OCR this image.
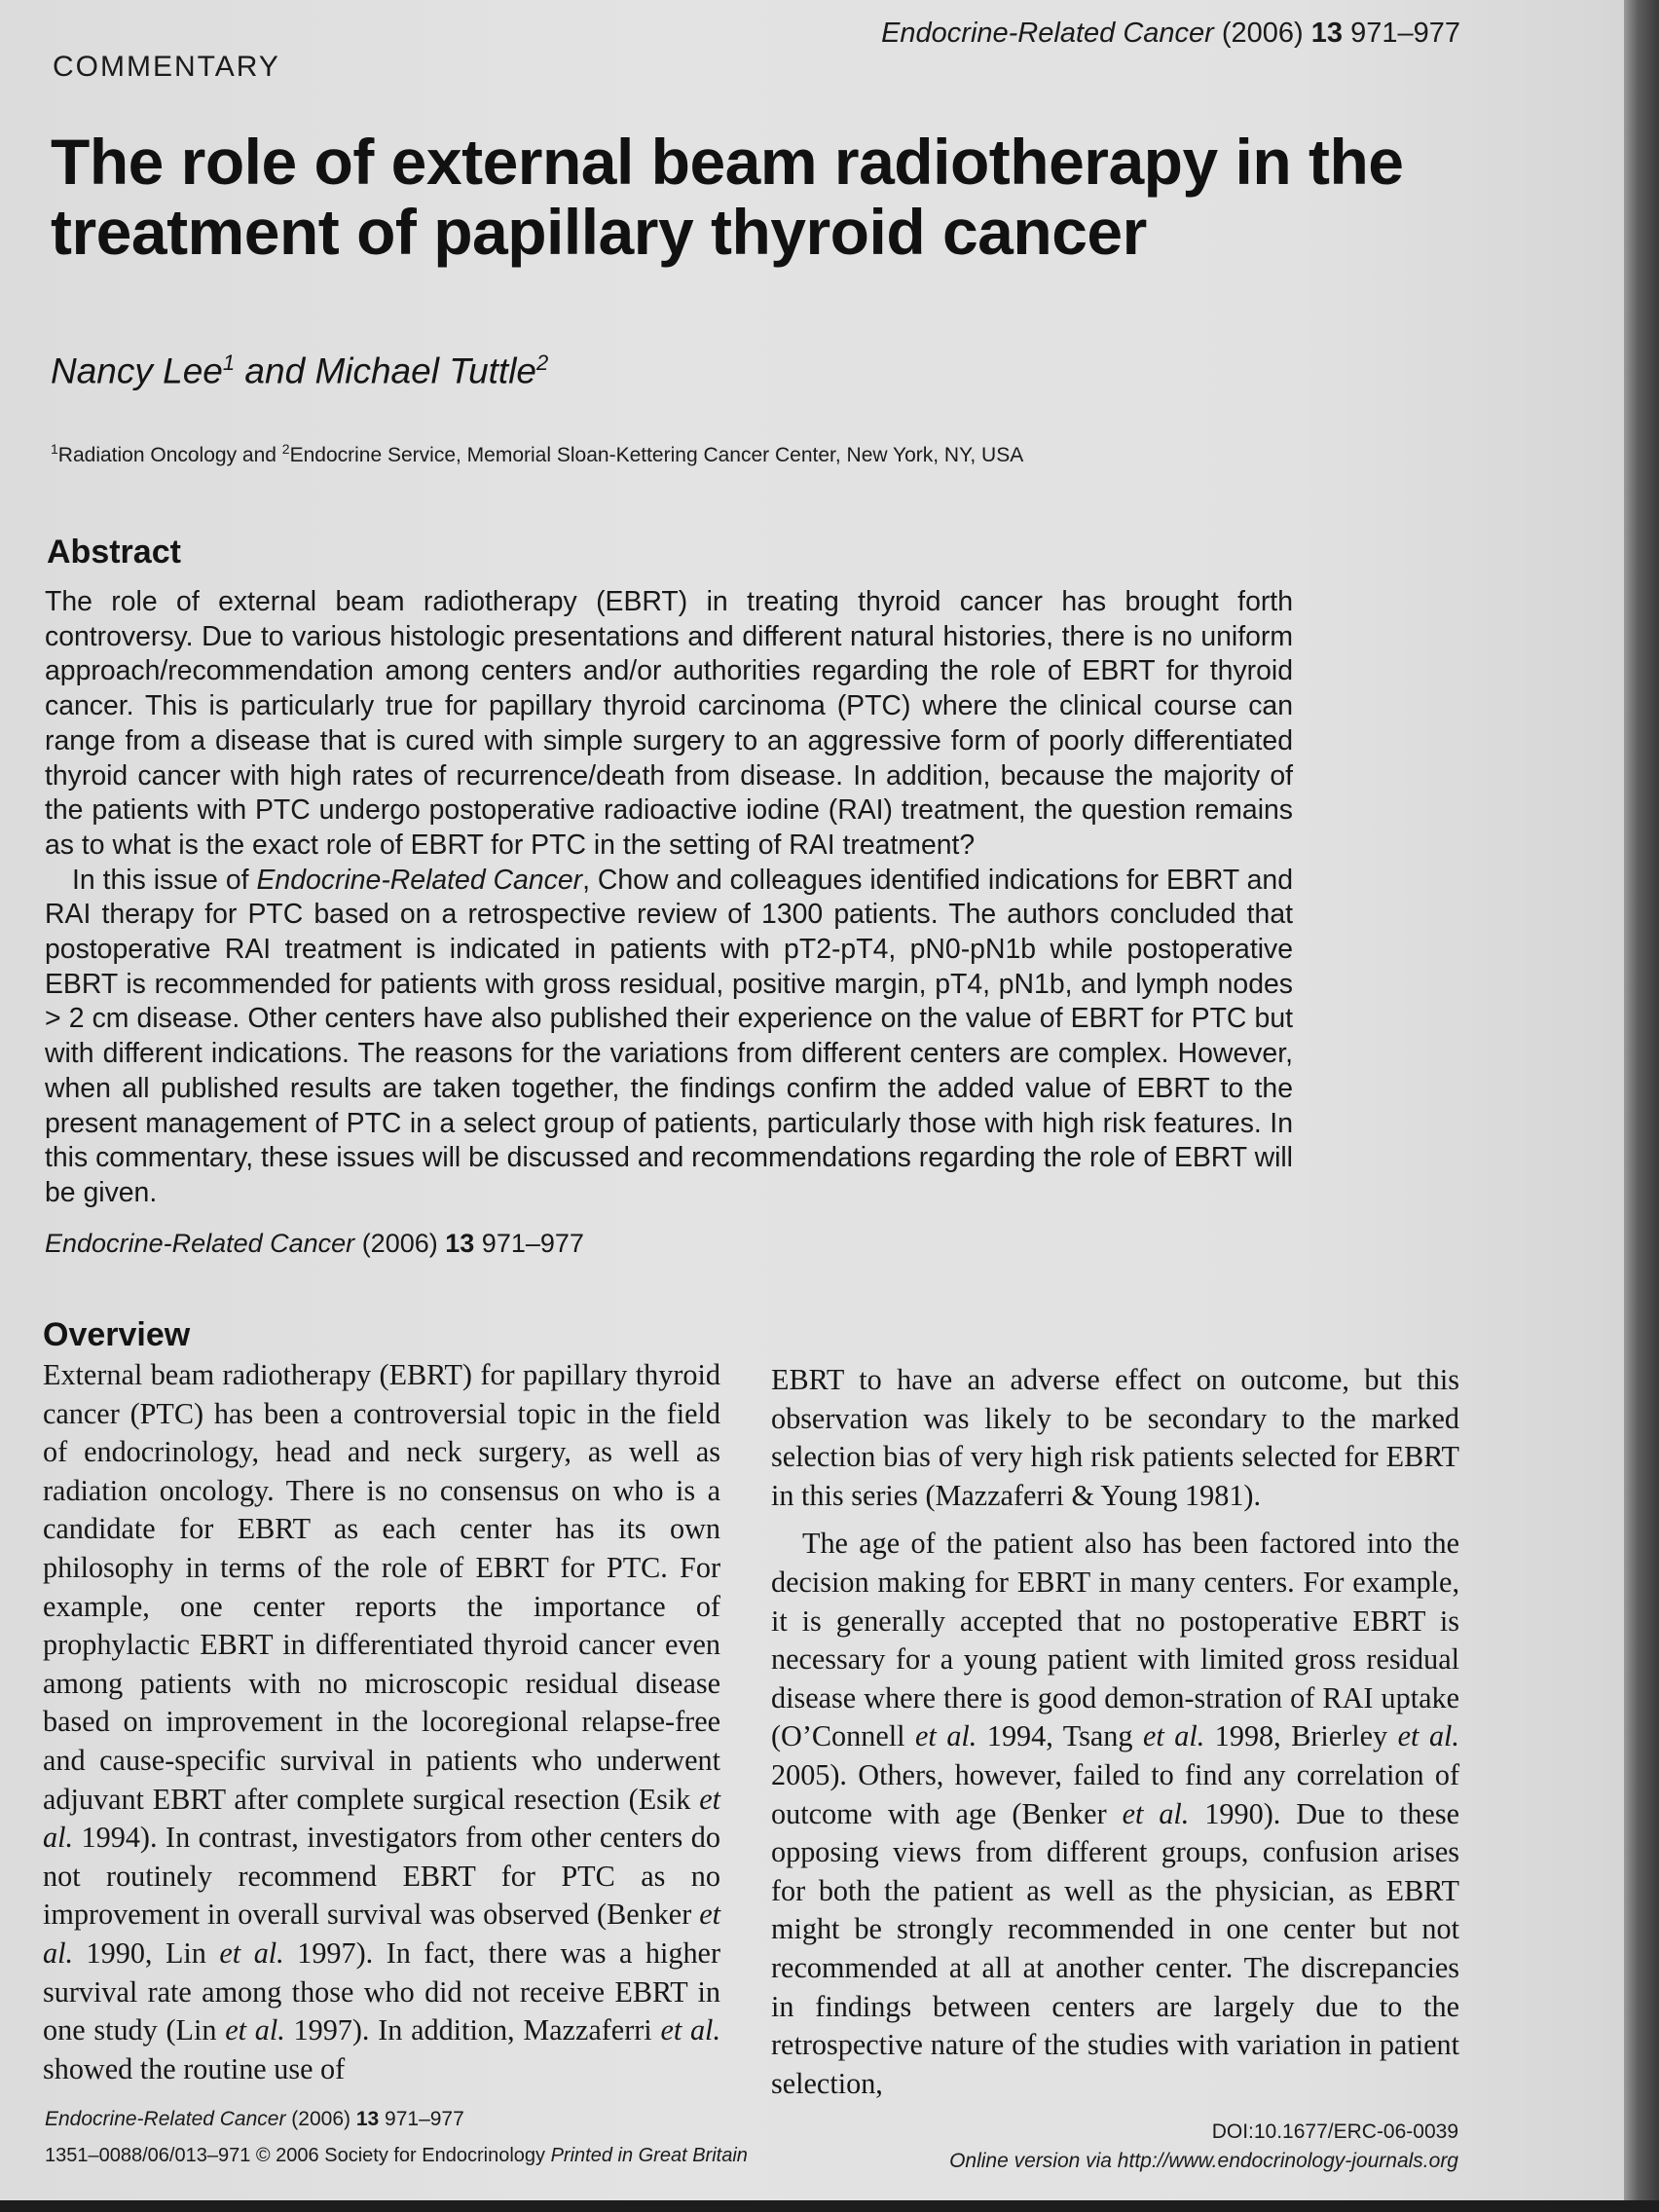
Endocrine-Related Cancer (2006) 13 971–977
COMMENTARY
The role of external beam radiotherapy in the treatment of papillary thyroid cancer
Nancy Lee$^1$ and Michael Tuttle$^2$
$^1$Radiation Oncology and $^2$Endocrine Service, Memorial Sloan-Kettering Cancer Center, New York, NY, USA
Abstract

The role of external beam radiotherapy (EBRT) in treating thyroid cancer has brought forth controversy. Due to various histologic presentations and different natural histories, there is no uniform approach/recommendation among centers and/or authorities regarding the role of EBRT for thyroid cancer. This is particularly true for papillary thyroid carcinoma (PTC) where the clinical course can range from a disease that is cured with simple surgery to an aggressive form of poorly differentiated thyroid cancer with high rates of recurrence/death from disease. In addition, because the majority of the patients with PTC undergo postoperative radioactive iodine (RAI) treatment, the question remains as to what is the exact role of EBRT for PTC in the setting of RAI treatment?

In this issue of Endocrine-Related Cancer, Chow and colleagues identified indications for EBRT and RAI therapy for PTC based on a retrospective review of 1300 patients. The authors concluded that postoperative RAI treatment is indicated in patients with pT2-pT4, pN0-pN1b while postoperative EBRT is recommended for patients with gross residual, positive margin, pT4, pN1b, and lymph nodes > 2 cm disease. Other centers have also published their experience on the value of EBRT for PTC but with different indications. The reasons for the variations from different centers are complex. However, when all published results are taken together, the findings confirm the added value of EBRT to the present management of PTC in a select group of patients, particularly those with high risk features. In this commentary, these issues will be discussed and recommendations regarding the role of EBRT will be given.

Endocrine-Related Cancer (2006) 13 971–977
Overview

External beam radiotherapy (EBRT) for papillary thyroid cancer (PTC) has been a controversial topic in the field of endocrinology, head and neck surgery, as well as radiation oncology. There is no consensus on who is a candidate for EBRT as each center has its own philosophy in terms of the role of EBRT for PTC. For example, one center reports the importance of prophylactic EBRT in differentiated thyroid cancer even among patients with no microscopic residual disease based on improvement in the locoregional relapse-free and cause-specific survival in patients who underwent adjuvant EBRT after complete surgical resection (Esik et al. 1994). In contrast, investigators from other centers do not routinely recommend EBRT for PTC as no improvement in overall survival was observed (Benker et al. 1990, Lin et al. 1997). In fact, there was a higher survival rate among those who did not receive EBRT in one study (Lin et al. 1997). In addition, Mazzaferri et al. showed the routine use of

EBRT to have an adverse effect on outcome, but this observation was likely to be secondary to the marked selection bias of very high risk patients selected for EBRT in this series (Mazzaferri & Young 1981).

The age of the patient also has been factored into the decision making for EBRT in many centers. For example, it is generally accepted that no postoperative EBRT is necessary for a young patient with limited gross residual disease where there is good demon-stration of RAI uptake (O’Connell et al. 1994, Tsang et al. 1998, Brierley et al. 2005). Others, however, failed to find any correlation of outcome with age (Benker et al. 1990). Due to these opposing views from different groups, confusion arises for both the patient as well as the physician, as EBRT might be strongly recommended in one center but not recommended at all at another center. The discrepancies in findings between centers are largely due to the retrospective nature of the studies with variation in patient selection,

Endocrine-Related Cancer (2006) 13 971–977
1351–0088/06/013–971 © 2006 Society for Endocrinology Printed in Great Britain
DOI:10.1677/ERC-06-0039
Online version via http://www.endocrinology-journals.org
